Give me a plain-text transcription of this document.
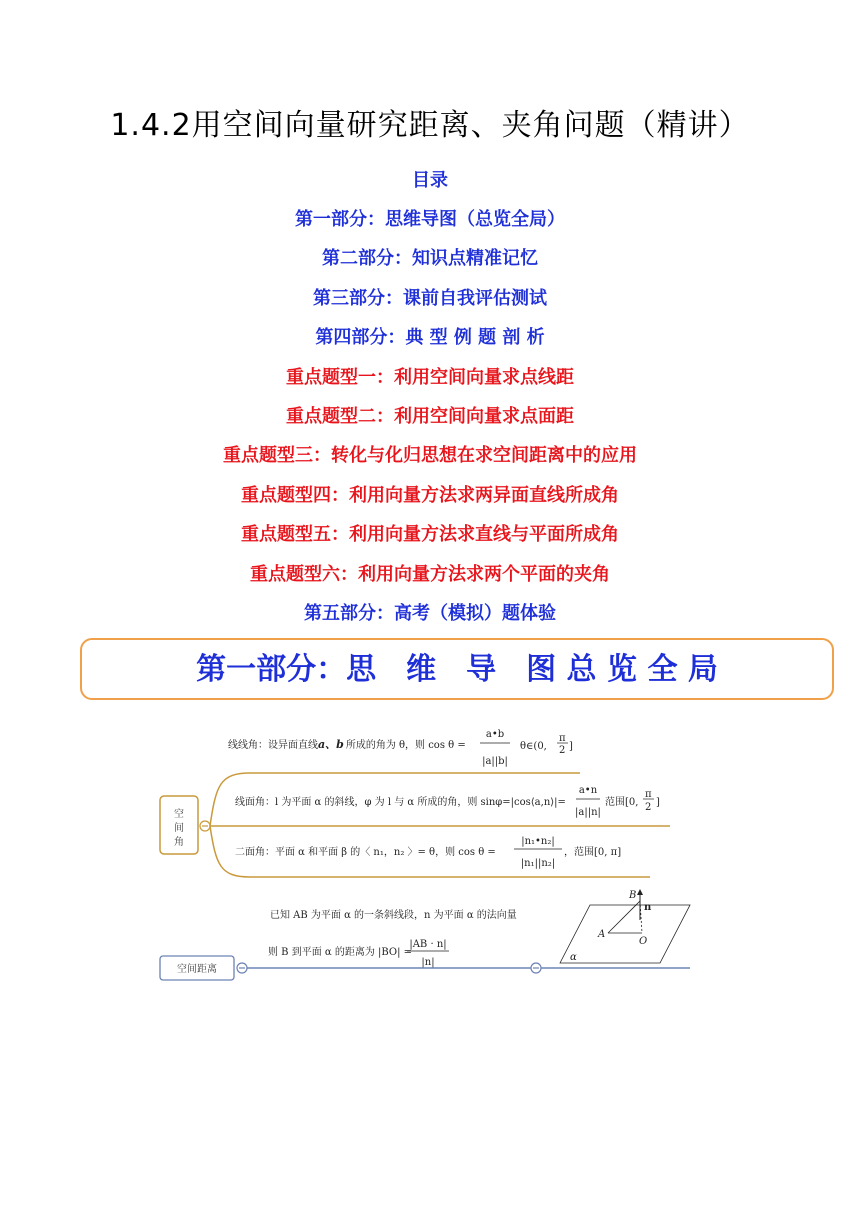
1.4.2用空间向量研究距离、夹角问题（精讲）
目录
第一部分：思维导图（总览全局）
第二部分：知识点精准记忆
第三部分：课前自我评估测试
第四部分：典 型 例 题 剖 析
重点题型一：利用空间向量求点线距
重点题型二：利用空间向量求点面距
重点题型三：转化与化归思想在求空间距离中的应用
重点题型四：利用向量方法求两异面直线所成角
重点题型五：利用向量方法求直线与平面所成角
重点题型六：利用向量方法求两个平面的夹角
第五部分：高考（模拟）题体验
第一部分：思　维　导　图 总 览 全 局
空
间
角
线线角：设异面直线a、b 所成的角为 θ，则 cos θ =
a•b
|a||b|
θ∈(0,
π
2 ]
线面角：l 为平面 α 的斜线，φ 为 l 与 α 所成的角，则 sinφ=|cos⟨a,n⟩|=
a•n
|a||n|
范围[0,
π
2 ]
二面角：平面 α 和平面 β 的〈 n₁，n₂ 〉= θ，则 cos θ =
|n₁•n₂|
|n₁||n₂|
，范围[0, π]
已知 AB 为平面 α 的一条斜线段，n 为平面 α 的法向量
则 B 到平面 α 的距离为 |BO| =
|AB · n|
|n|
空间距离
B
n
A
O
α
